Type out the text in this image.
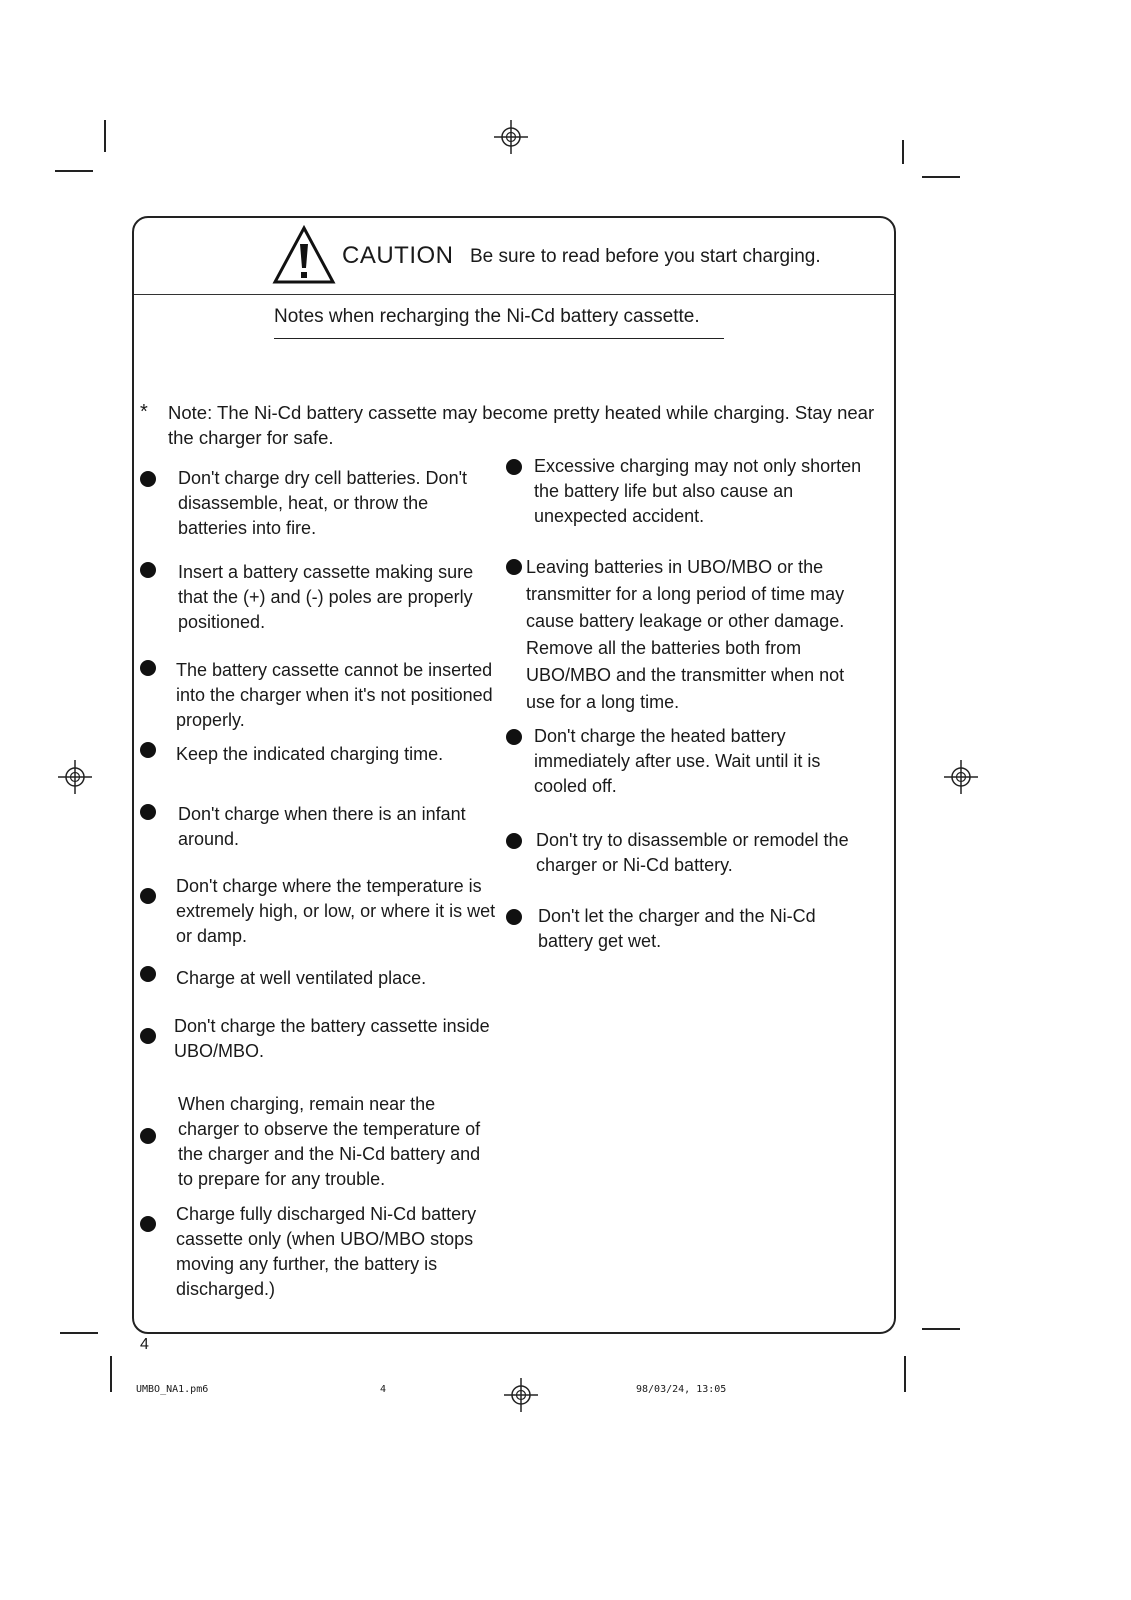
CAUTION Be sure to read before you start charging.
Notes when recharging the Ni-Cd battery cassette.
* Note: The Ni-Cd battery cassette may become pretty heated while charging. Stay near the charger for safe.
Don't charge dry cell batteries. Don't disassemble, heat, or throw the batteries into fire.
Insert a battery cassette making sure that the (+) and (-) poles are properly positioned.
The battery cassette cannot be inserted into the charger when it's not positioned properly.
Keep the indicated charging time.
Don't charge when there is an infant around.
Don't charge where the temperature is extremely high, or low, or where it is wet or damp.
Charge at well ventilated place.
Don't charge the battery cassette inside UBO/MBO.
When charging, remain near the charger to observe the temperature of the charger and the Ni-Cd battery and to prepare for any trouble.
Charge fully discharged Ni-Cd battery cassette only (when UBO/MBO stops moving any further, the battery is discharged.)
Excessive charging may not only shorten the battery life but also cause an unexpected accident.
Leaving batteries in UBO/MBO or the transmitter for a long period of time may cause battery leakage or other damage. Remove all the batteries both from UBO/MBO and the transmitter when not use for a long time.
Don't charge the heated battery immediately after use. Wait until it is cooled off.
Don't try to disassemble or remodel the charger or Ni-Cd battery.
Don't let the charger and the Ni-Cd battery get wet.
4
UMBO_NA1.pm6	4	98/03/24, 13:05
